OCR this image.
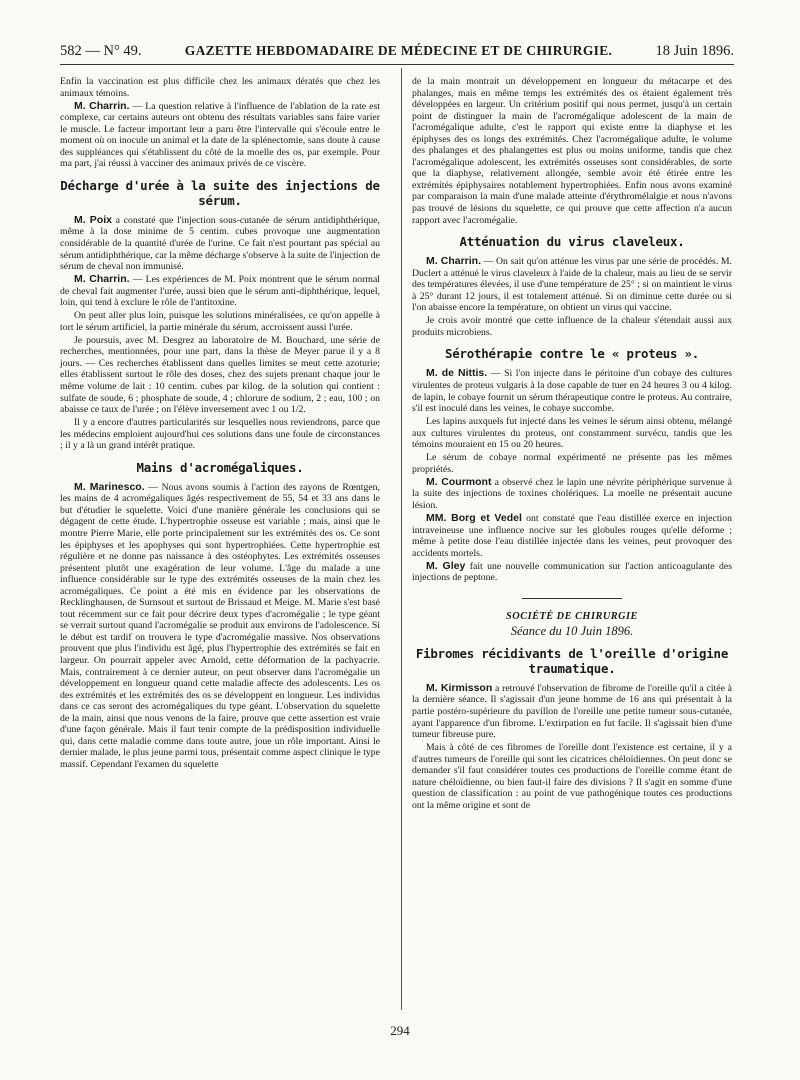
582 — N° 49.	GAZETTE HEBDOMADAIRE DE MÉDECINE ET DE CHIRURGIE.	18 Juin 1896.

Enfin la vaccination est plus difficile chez les animaux dératés que chez les animaux témoins.

M. Charrin. — La question relative à l'influence de l'ablation de la rate est complexe, car certains auteurs ont obtenu des résultats variables sans faire varier le muscle. Le facteur important leur a paru être l'intervalle qui s'écoule entre le moment où on inocule un animal et la date de la splénectomie, sans doute à cause des suppléances qui s'établissent du côté de la moelle des os, par exemple. Pour ma part, j'ai réussi à vacciner des animaux privés de ce viscère.

Décharge d'urée à la suite des injections de sérum.

M. Poix a constaté que l'injection sous-cutanée de sérum antidiphthérique, même à la dose minime de 5 centim. cubes provoque une augmentation considérable de la quantité d'urée de l'urine. Ce fait n'est pourtant pas spécial au sérum antidiphthérique, car la même décharge s'observe à la suite de l'injection de sérum de cheval non immunisé.

M. Charrin. — Les expériences de M. Poix montrent que le sérum normal de cheval fait augmenter l'urée, aussi bien que le sérum anti-diphthérique, lequel, loin, qui tend à exclure le rôle de l'antitoxine.

On peut aller plus loin, puisque les solutions minéralisées, ce qu'on appelle à tort le sérum artificiel, la partie minérale du sérum, accroissent aussi l'urée.

Je poursuis, avec M. Desgrez au laboratoire de M. Bouchard, une série de recherches, mentionnées, pour une part, dans la thèse de Meyer parue il y a 8 jours. — Ces recherches établissent dans quelles limites se meut cette azoturie; elles établissent surtout le rôle des doses, chez des sujets prenant chaque jour le même volume de lait : 10 centim. cubes par kilog. de la solution qui contient : sulfate de soude, 6 ; phosphate de soude, 4 ; chlorure de sodium, 2 ; eau, 100 ; on abaisse ce taux de l'urée ; on l'élève inversement avec 1 ou 1/2.

Il y a encore d'autres particularités sur lesquelles nous reviendrons, parce que les médecins emploient aujourd'hui ces solutions dans une foule de circonstances ; il y a là un grand intérêt pratique.

Mains d'acromégaliques.

M. Marinesco. — Nous avons soumis à l'action des rayons de Rœntgen, les mains de 4 acromégaliques âgés respectivement de 55, 54 et 33 ans dans le but d'étudier le squelette. Voici d'une manière générale les conclusions qui se dégagent de cette étude. L'hypertrophie osseuse est variable ; mais, ainsi que le montre Pierre Marie, elle porte principalement sur les extrémités des os. Ce sont les épiphyses et les apophyses qui sont hypertrophiées. Cette hypertrophie est régulière et ne donne pas naissance à des ostéophytes. Les extrémités osseuses présentent plutôt une exagération de leur volume. L'âge du malade a une influence considérable sur le type des extrémités osseuses de la main chez les acromégaliques. Ce point a été mis en évidence par les observations de Recklinghausen, de Surnsout et surtout de Brissaud et Meige. M. Marie s'est basé tout récemment sur ce fait pour décrire deux types d'acromégalie ; le type géant se verrait surtout quand l'acromégalie se produit aux environs de l'adolescence. Si le début est tardif on trouvera le type d'acromégalie massive. Nos observations prouvent que plus l'individu est âgé, plus l'hypertrophie des extrémités se fait en largeur. On pourrait appeler avec Arnold, cette déformation de la pachyacrie. Mais, contrairement à ce dernier auteur, on peut observer dans l'acromégalie un développement en longueur quand cette maladie affecte des adolescents. Les os des extrémités et les extrémités des os se développent en longueur. Les individus dans ce cas seront des acromégaliques du type géant. L'observation du squelette de la main, ainsi que nous venons de la faire, prouve que cette assertion est vraie d'une façon générale. Mais il faut tenir compte de la prédisposition individuelle qui, dans cette maladie comme dans toute autre, joue un rôle important. Ainsi le dernier malade, le plus jeune parmi tous, présentait comme aspect clinique le type massif. Cependant l'examen du squelette

de la main montrait un développement en longueur du métacarpe et des phalanges, mais en même temps les extrémités des os étaient également très développées en largeur. Un critérium positif qui nous permet, jusqu'à un certain point de distinguer la main de l'acromégalique adolescent de la main de l'acromégalique adulte, c'est le rapport qui existe entre la diaphyse et les épiphyses des os longs des extrémités. Chez l'acromégalique adulte, le volume des phalanges et des phalangettes est plus ou moins uniforme, tandis que chez l'acromégalique adolescent, les extrémités osseuses sont considérables, de sorte que la diaphyse, relativement allongée, semble avoir été étirée entre les extrémités épiphysaires notablement hypertrophiées. Enfin nous avons examiné par comparaison la main d'une malade atteinte d'érythromélalgie et nous n'avons pas trouvé de lésions du squelette, ce qui prouve que cette affection n'a aucun rapport avec l'acromégalie.

Atténuation du virus claveleux.

M. Charrin. — On sait qu'on atténue les virus par une série de procédés. M. Duclert a atténué le virus claveleux à l'aide de la chaleur, mais au lieu de se servir des températures élevées, il use d'une température de 25° ; si on maintient le virus à 25° durant 12 jours, il est totalement atténué. Si on diminue cette durée ou si l'on abaisse encore la température, on obtient un virus qui vaccine.

Je crois avoir montré que cette influence de la chaleur s'étendait aussi aux produits microbiens.

Sérothérapie contre le « proteus ».

M. de Nittis. — Si l'on injecte dans le péritoine d'un cobaye des cultures virulentes de proteus vulgaris à la dose capable de tuer en 24 heures 3 ou 4 kilog. de lapin, le cobaye fournit un sérum thérapeutique contre le proteus. Au contraire, s'il est inoculé dans les veines, le cobaye succombe.

Les lapins auxquels fut injecté dans les veines le sérum ainsi obtenu, mélangé aux cultures virulentes du proteus, ont constamment survécu, tandis que les témoins mouraient en 15 ou 20 heures.

Le sérum de cobaye normal expérimenté ne présente pas les mêmes propriétés.

M. Courmont a observé chez le lapin une névrite périphérique survenue à la suite des injections de toxines cholériques. La moelle ne présentait aucune lésion.

MM. Borg et Vedel ont constaté que l'eau distillée exerce en injection intraveineuse une influence nocive sur les globules rouges qu'elle déforme ; même à petite dose l'eau distillée injectée dans les veines, peut provoquer des accidents mortels.

M. Gley fait une nouvelle communication sur l'action anticoagulante des injections de peptone.

SOCIÉTÉ DE CHIRURGIE
Séance du 10 Juin 1896.
Fibromes récidivants de l'oreille d'origine traumatique.

M. Kirmisson a retrouvé l'observation de fibrome de l'oreille qu'il a citée à la dernière séance. Il s'agissait d'un jeune homme de 16 ans qui présentait à la partie postéro-supérieure du pavillon de l'oreille une petite tumeur sous-cutanée, ayant l'apparence d'un fibrome. L'extirpation en fut facile. Il s'agissait bien d'une tumeur fibreuse pure.

Mais à côté de ces fibromes de l'oreille dont l'existence est certaine, il y a d'autres tumeurs de l'oreille qui sont les cicatrices chéloïdiennes. On peut donc se demander s'il faut considérer toutes ces productions de l'oreille comme étant de nature chéloïdienne, ou bien faut-il faire des divisions ? Il s'agit en somme d'une question de classification : au point de vue pathogénique toutes ces productions ont la même origine et sont de

294
